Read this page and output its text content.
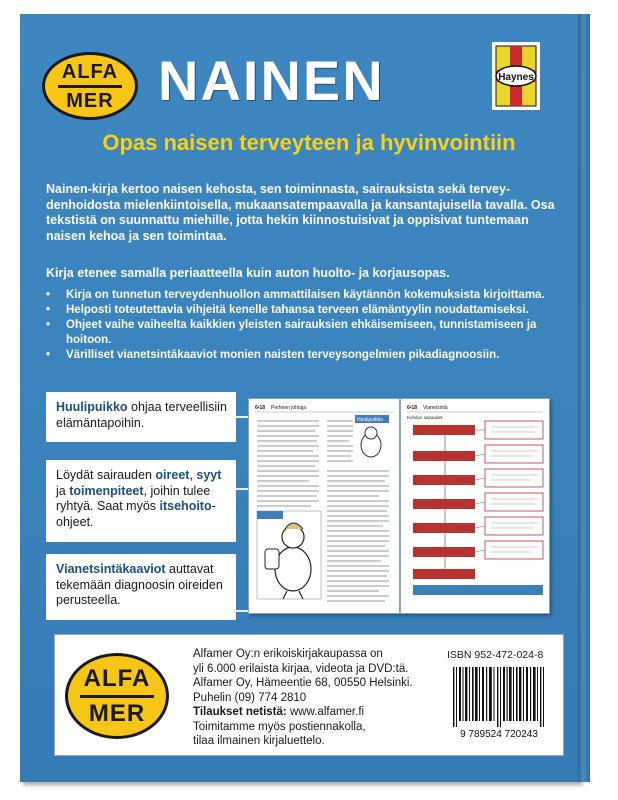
ALFA
MER NAINEN	Haynes
Opas naisen terveyteen ja hyvinvointiin
Nainen-kirja kertoo naisen kehosta, sen toiminnasta, sairauksista sekä terveydenhoidosta mielenkiintoisella, mukaansatempaavalla ja kansantajuisella tavalla. Osa tekstistä on suunnattu miehille, jotta hekin kiinnostuisivat ja oppisivat tuntemaan naisen kehoa ja sen toimintaa.
Kirja etenee samalla periaatteella kuin auton huolto- ja korjausopas.
• Kirja on tunnetun terveydenhuollon ammattilaisen käytännön kokemuksista kirjoittama.
• Helposti toteutettavia vihjeitä kenelle tahansa terveen elämäntyylin noudattamiseksi.
• Ohjeet vaihe vaiheelta kaikkien yleisten sairauksien ehkäisemiseen, tunnistamiseen ja hoitoon.
• Värilliset vianetsintäkaaviot monien naisten terveysongelmien pikadiagnoosiin.
Huulipuikko ohjaa terveellisiin elämäntapoihin.
Löydät sairauden oireet, syyt ja toimenpiteet, joihin tulee ryhtyä. Saat myös itsehoito-ohjeet.
Vianetsintäkaaviot auttavat tekemään diagnoosin oireiden perusteella.
6•18 Perheen johtaja
Huulipuikko
6•18 Vianetsintä
Kohdun sairaudet
ALFA
MER
Alfamer Oy:n erikoiskirjakaupassa on
yli 6.000 erilaista kirjaa, videota ja DVD:tä.
Alfamer Oy, Hämeentie 68, 00550 Helsinki.
Puhelin (09) 774 2810
Tilaukset netistä: www.alfamer.fi
Toimitamme myös postiennakolla,
tilaa ilmainen kirjaluettelo.
ISBN 952-472-024-8
9 789524 720243
